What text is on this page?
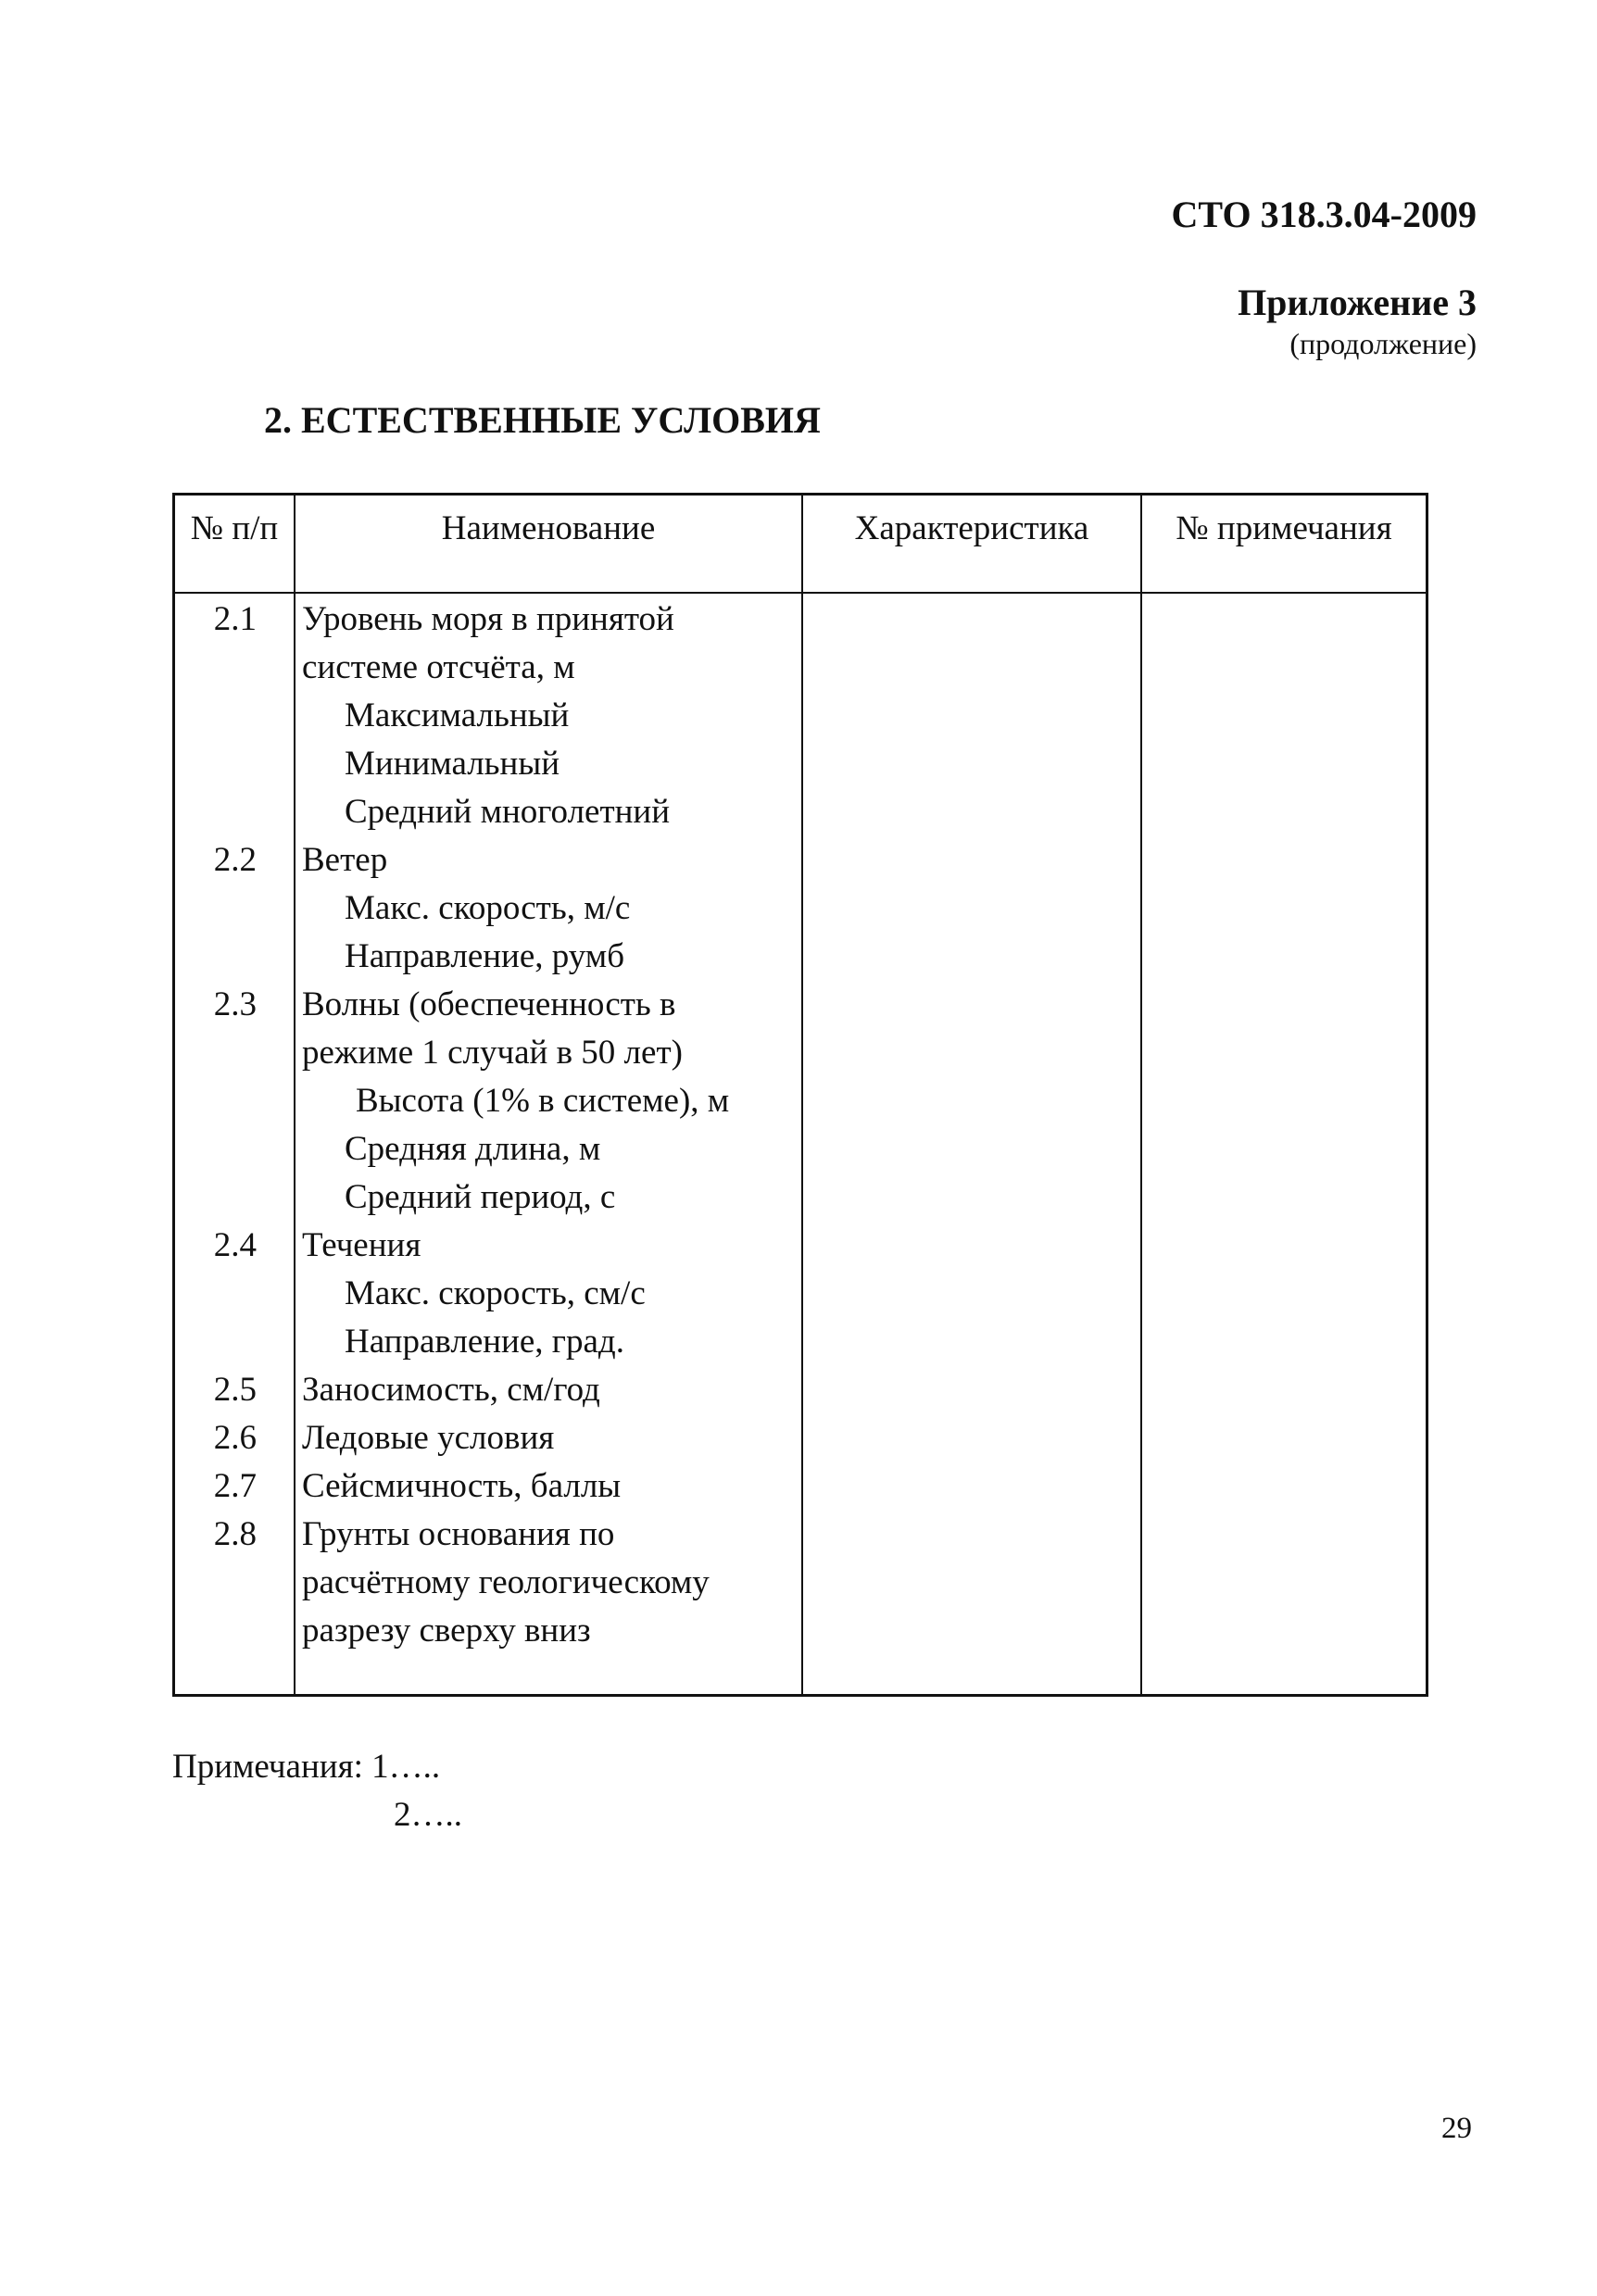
СТО 318.3.04-2009
Приложение 3
(продолжение)
2. ЕСТЕСТВЕННЫЕ УСЛОВИЯ
№ п/п	Наименование	Характеристика	№ примечания
2.1	Уровень моря в принятой
системе отсчёта, м
Максимальный
Минимальный
Средний многолетний
2.2	Ветер
Макс. скорость, м/с
Направление, румб
2.3	Волны (обеспеченность в
режиме 1 случай в 50 лет)
Высота (1% в системе), м
Средняя длина, м
Средний период, с
2.4	Течения
Макс. скорость, см/с
Направление, град.
2.5	Заносимость, см/год
2.6	Ледовые условия
2.7	Сейсмичность, баллы
2.8	Грунты основания по
расчётному геологическому
разрезу сверху вниз
Примечания: 1…..
2…..
29
